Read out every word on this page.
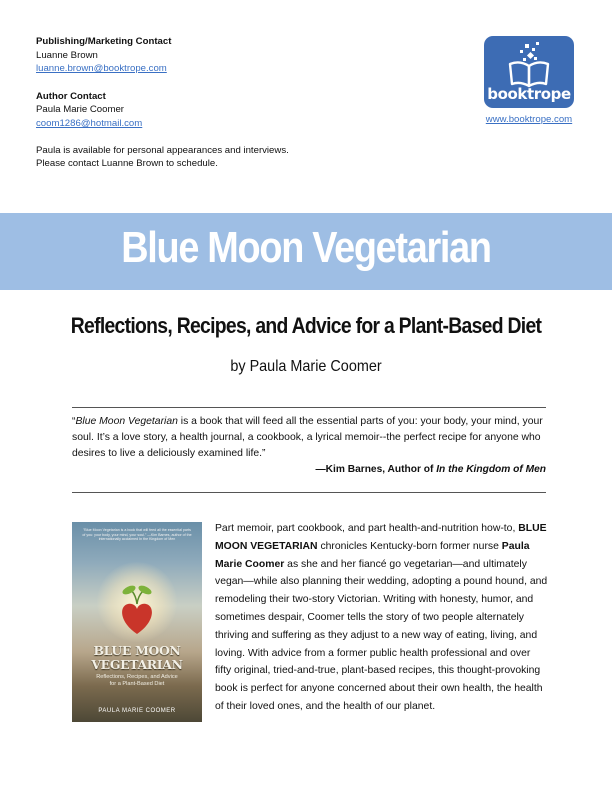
Publishing/Marketing Contact
Luanne Brown
luanne.brown@booktrope.com
Author Contact
Paula Marie Coomer
coom1286@hotmail.com
Paula is available for personal appearances and interviews. Please contact Luanne Brown to schedule.
booktrope
www.booktrope.com
Blue Moon Vegetarian
Reflections, Recipes, and Advice for a Plant-Based Diet
by Paula Marie Coomer
“Blue Moon Vegetarian is a book that will feed all the essential parts of you: your body, your mind, your soul. It’s a love story, a health journal, a cookbook, a lyrical memoir--the perfect recipe for anyone who desires to live a deliciously examined life.”
—Kim Barnes, Author of In the Kingdom of Men
"Blue Moon Vegetarian is a book that will feed all the essential parts of you: your body, your mind, your soul." —Kim Barnes, author of the internationally acclaimed In the Kingdom of Men
BLUE MOON
VEGETARIAN
Reflections, Recipes, and Advice
for a Plant-Based Diet
PAULA MARIE COOMER
Part memoir, part cookbook, and part health-and-nutrition how-to, BLUE MOON VEGETARIAN chronicles Kentucky-born former nurse Paula Marie Coomer as she and her fiancé go vegetarian—and ultimately vegan—while also planning their wedding, adopting a pound hound, and remodeling their two-story Victorian. Writing with honesty, humor, and sometimes despair, Coomer tells the story of two people alternately thriving and suffering as they adjust to a new way of eating, living, and loving. With advice from a former public health professional and over fifty original, tried-and-true, plant-based recipes, this thought-provoking book is perfect for anyone concerned about their own health, the health of their loved ones, and the health of our planet.
